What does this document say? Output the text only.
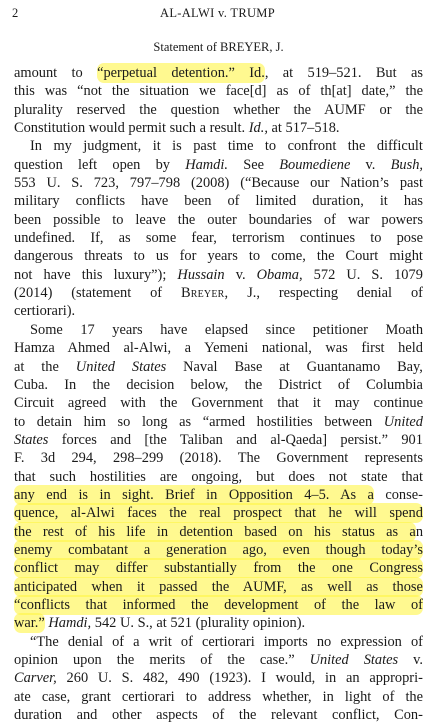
2	AL-ALWI v. TRUMP
Statement of BREYER, J.
amount to “perpetual detention.” Id., at 519–521. But as
this was “not the situation we face[d] as of th[at] date,” the
plurality reserved the question whether the AUMF or the
Constitution would permit such a result. Id., at 517–518.
In my judgment, it is past time to confront the difficult
question left open by Hamdi. See Boumediene v. Bush,
553 U. S. 723, 797–798 (2008) (“Because our Nation’s past
military conflicts have been of limited duration, it has
been possible to leave the outer boundaries of war powers
undefined. If, as some fear, terrorism continues to pose
dangerous threats to us for years to come, the Court might
not have this luxury”); Hussain v. Obama, 572 U. S. 1079
(2014) (statement of Breyer, J., respecting denial of
certiorari).
Some 17 years have elapsed since petitioner Moath
Hamza Ahmed al-Alwi, a Yemeni national, was first held
at the United States Naval Base at Guantanamo Bay,
Cuba. In the decision below, the District of Columbia
Circuit agreed with the Government that it may continue
to detain him so long as “armed hostilities between United
States forces and [the Taliban and al-Qaeda] persist.” 901
F. 3d 294, 298–299 (2018). The Government represents
that such hostilities are ongoing, but does not state that
any end is in sight. Brief in Opposition 4–5. As a conse-
quence, al-Alwi faces the real prospect that he will spend
the rest of his life in detention based on his status as an
enemy combatant a generation ago, even though today’s
conflict may differ substantially from the one Congress
anticipated when it passed the AUMF, as well as those
“conflicts that informed the development of the law of
war.” Hamdi, 542 U. S., at 521 (plurality opinion).
“The denial of a writ of certiorari imports no expression of
opinion upon the merits of the case.” United States v.
Carver, 260 U. S. 482, 490 (1923). I would, in an appropri-
ate case, grant certiorari to address whether, in light of the
duration and other aspects of the relevant conflict, Con-
